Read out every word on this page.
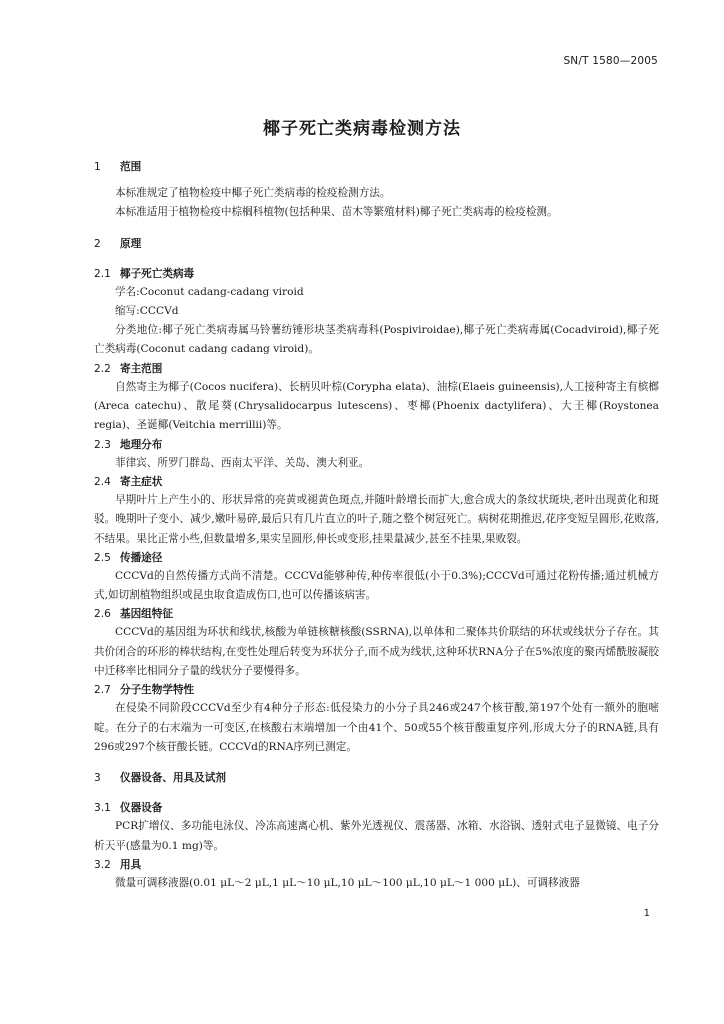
SN/T 1580—2005
椰子死亡类病毒检测方法
1 范围

本标准规定了植物检疫中椰子死亡类病毒的检疫检测方法。

本标准适用于植物检疫中棕榈科植物(包括种果、苗木等繁殖材料)椰子死亡类病毒的检疫检测。

2 原理
2.1 椰子死亡类病毒

学名:Coconut cadang-cadang viroid

缩写:CCCVd

分类地位:椰子死亡类病毒属马铃薯纺锤形块茎类病毒科(Pospiviroidae),椰子死亡类病毒属(Cocadviroid),椰子死亡类病毒(Coconut cadang cadang viroid)。

2.2 寄主范围

自然寄主为椰子(Cocos nucifera)、长柄贝叶棕(Corypha elata)、油棕(Elaeis guineensis),人工接种寄主有槟榔(Areca catechu)、散尾葵(Chrysalidocarpus lutescens)、枣椰(Phoenix dactylifera)、大王椰(Roystonea regia)、圣诞椰(Veitchia merrillii)等。

2.3 地理分布

菲律宾、所罗门群岛、西南太平洋、关岛、澳大利亚。

2.4 寄主症状

早期叶片上产生小的、形状异常的亮黄或褪黄色斑点,并随叶龄增长而扩大,愈合成大的条纹状斑块,老叶出现黄化和斑驳。晚期叶子变小、减少,嫩叶易碎,最后只有几片直立的叶子,随之整个树冠死亡。病树花期推迟,花序变短呈圆形,花败落,不结果。果比正常小些,但数量增多,果实呈圆形,伸长或变形,挂果量减少,甚至不挂果,果败裂。

2.5 传播途径

CCCVd的自然传播方式尚不清楚。CCCVd能够种传,种传率很低(小于0.3%);CCCVd可通过花粉传播;通过机械方式,如切割植物组织或昆虫取食造成伤口,也可以传播该病害。

2.6 基因组特征

CCCVd的基因组为环状和线状,核酸为单链核糖核酸(SSRNA),以单体和二聚体共价联结的环状或线状分子存在。其共价闭合的环形的棒状结构,在变性处理后转变为环状分子,而不成为线状,这种环状RNA分子在5%浓度的聚丙烯酰胺凝胶中迁移率比相同分子量的线状分子要慢得多。

2.7 分子生物学特性

在侵染不同阶段CCCVd至少有4种分子形态:低侵染力的小分子具246或247个核苷酸,第197个处有一额外的胞嘧啶。在分子的右末端为一可变区,在核酸右末端增加一个由41个、50或55个核苷酸重复序列,形成大分子的RNA链,具有296或297个核苷酸长链。CCCVd的RNA序列已测定。

3 仪器设备、用具及试剂
3.1 仪器设备

PCR扩增仪、多功能电泳仪、冷冻高速离心机、紫外光透视仪、震荡器、冰箱、水浴锅、透射式电子显微镜、电子分析天平(感量为0.1 mg)等。

3.2 用具

微量可调移液器(0.01 μL～2 μL,1 μL～10 μL,10 μL～100 μL,10 μL～1 000 μL)、可调移液器

1
